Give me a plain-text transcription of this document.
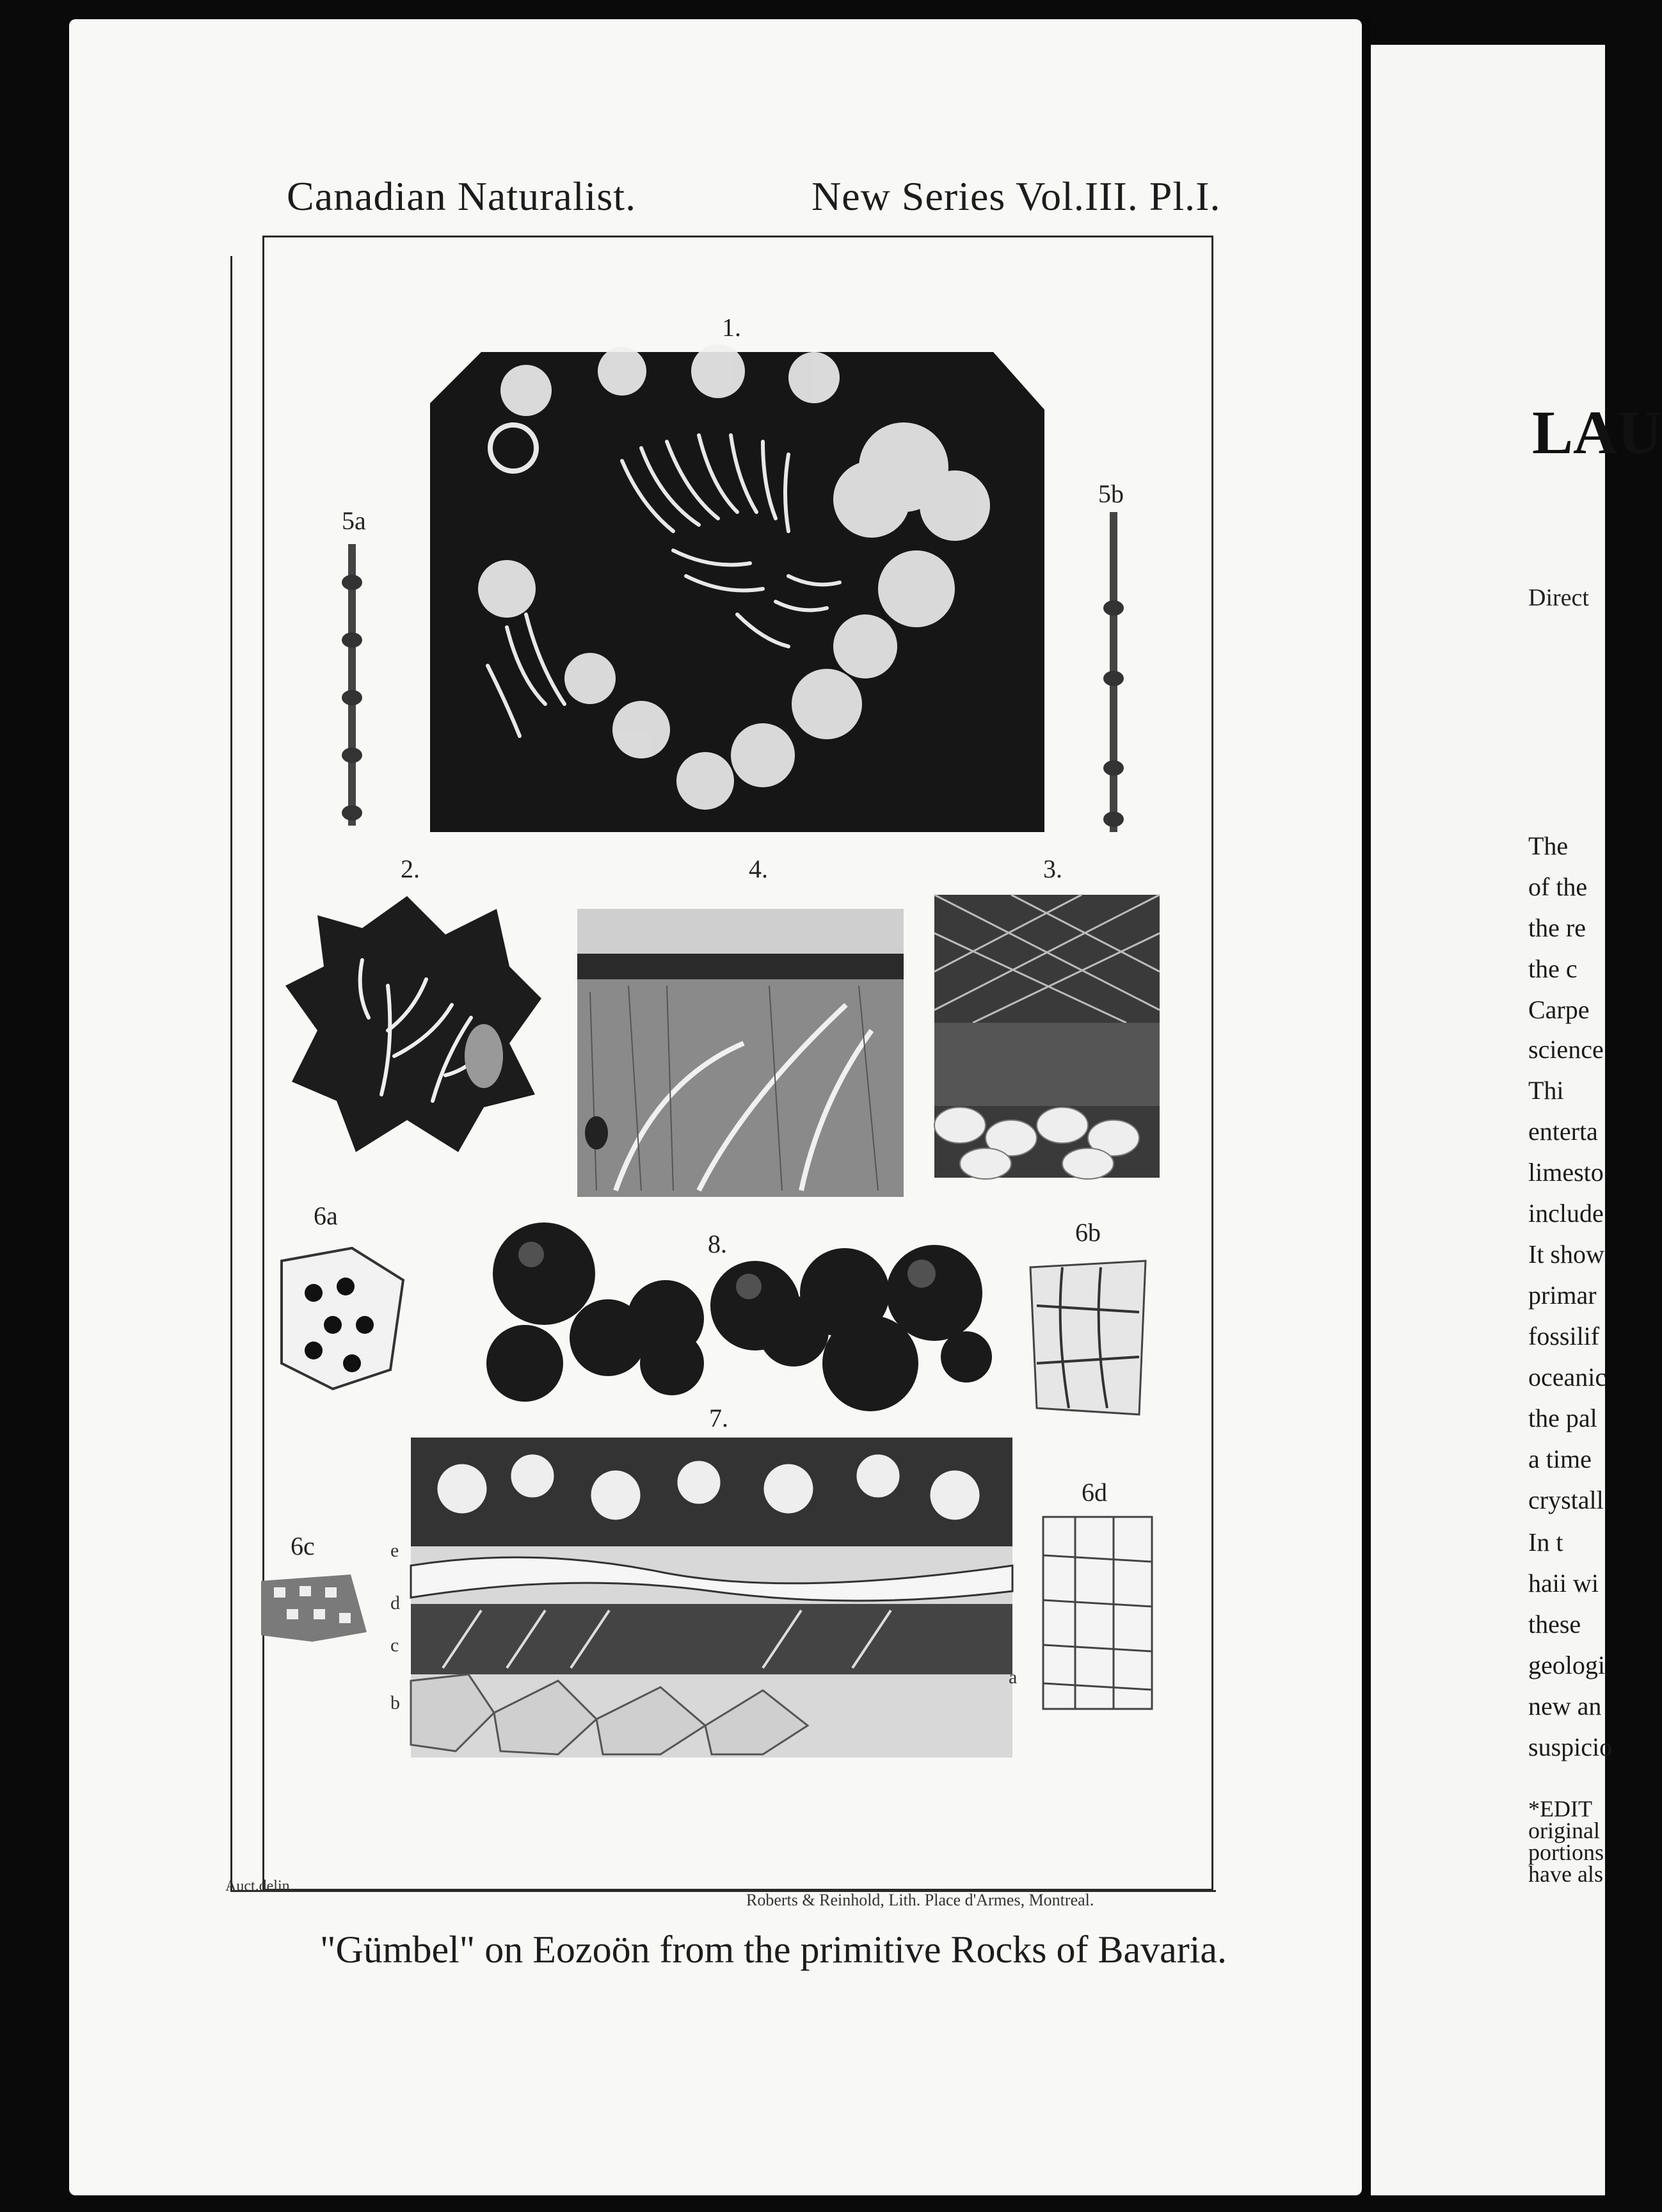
Canadian Naturalist.	New Series Vol.III. Pl.I.
1.
5a
5b
2.	4.	3.
6a
8.	6b
7.
e
d
c
b
a
6c
6d
Auct.delin.
Roberts & Reinhold, Lith. Place d'Armes, Montreal.
"Gümbel" on Eozoön from the primitive Rocks of Bavaria.
LAU
Direct
The
of the
the re
the c
Carpe
science
Thi
enterta
limesto
include
It show
primar
fossilif
oceanic
the pal
a time
crystall
In t
haii wi
these
geologi
new an
suspicio
*EDIT
original
portions
have als
